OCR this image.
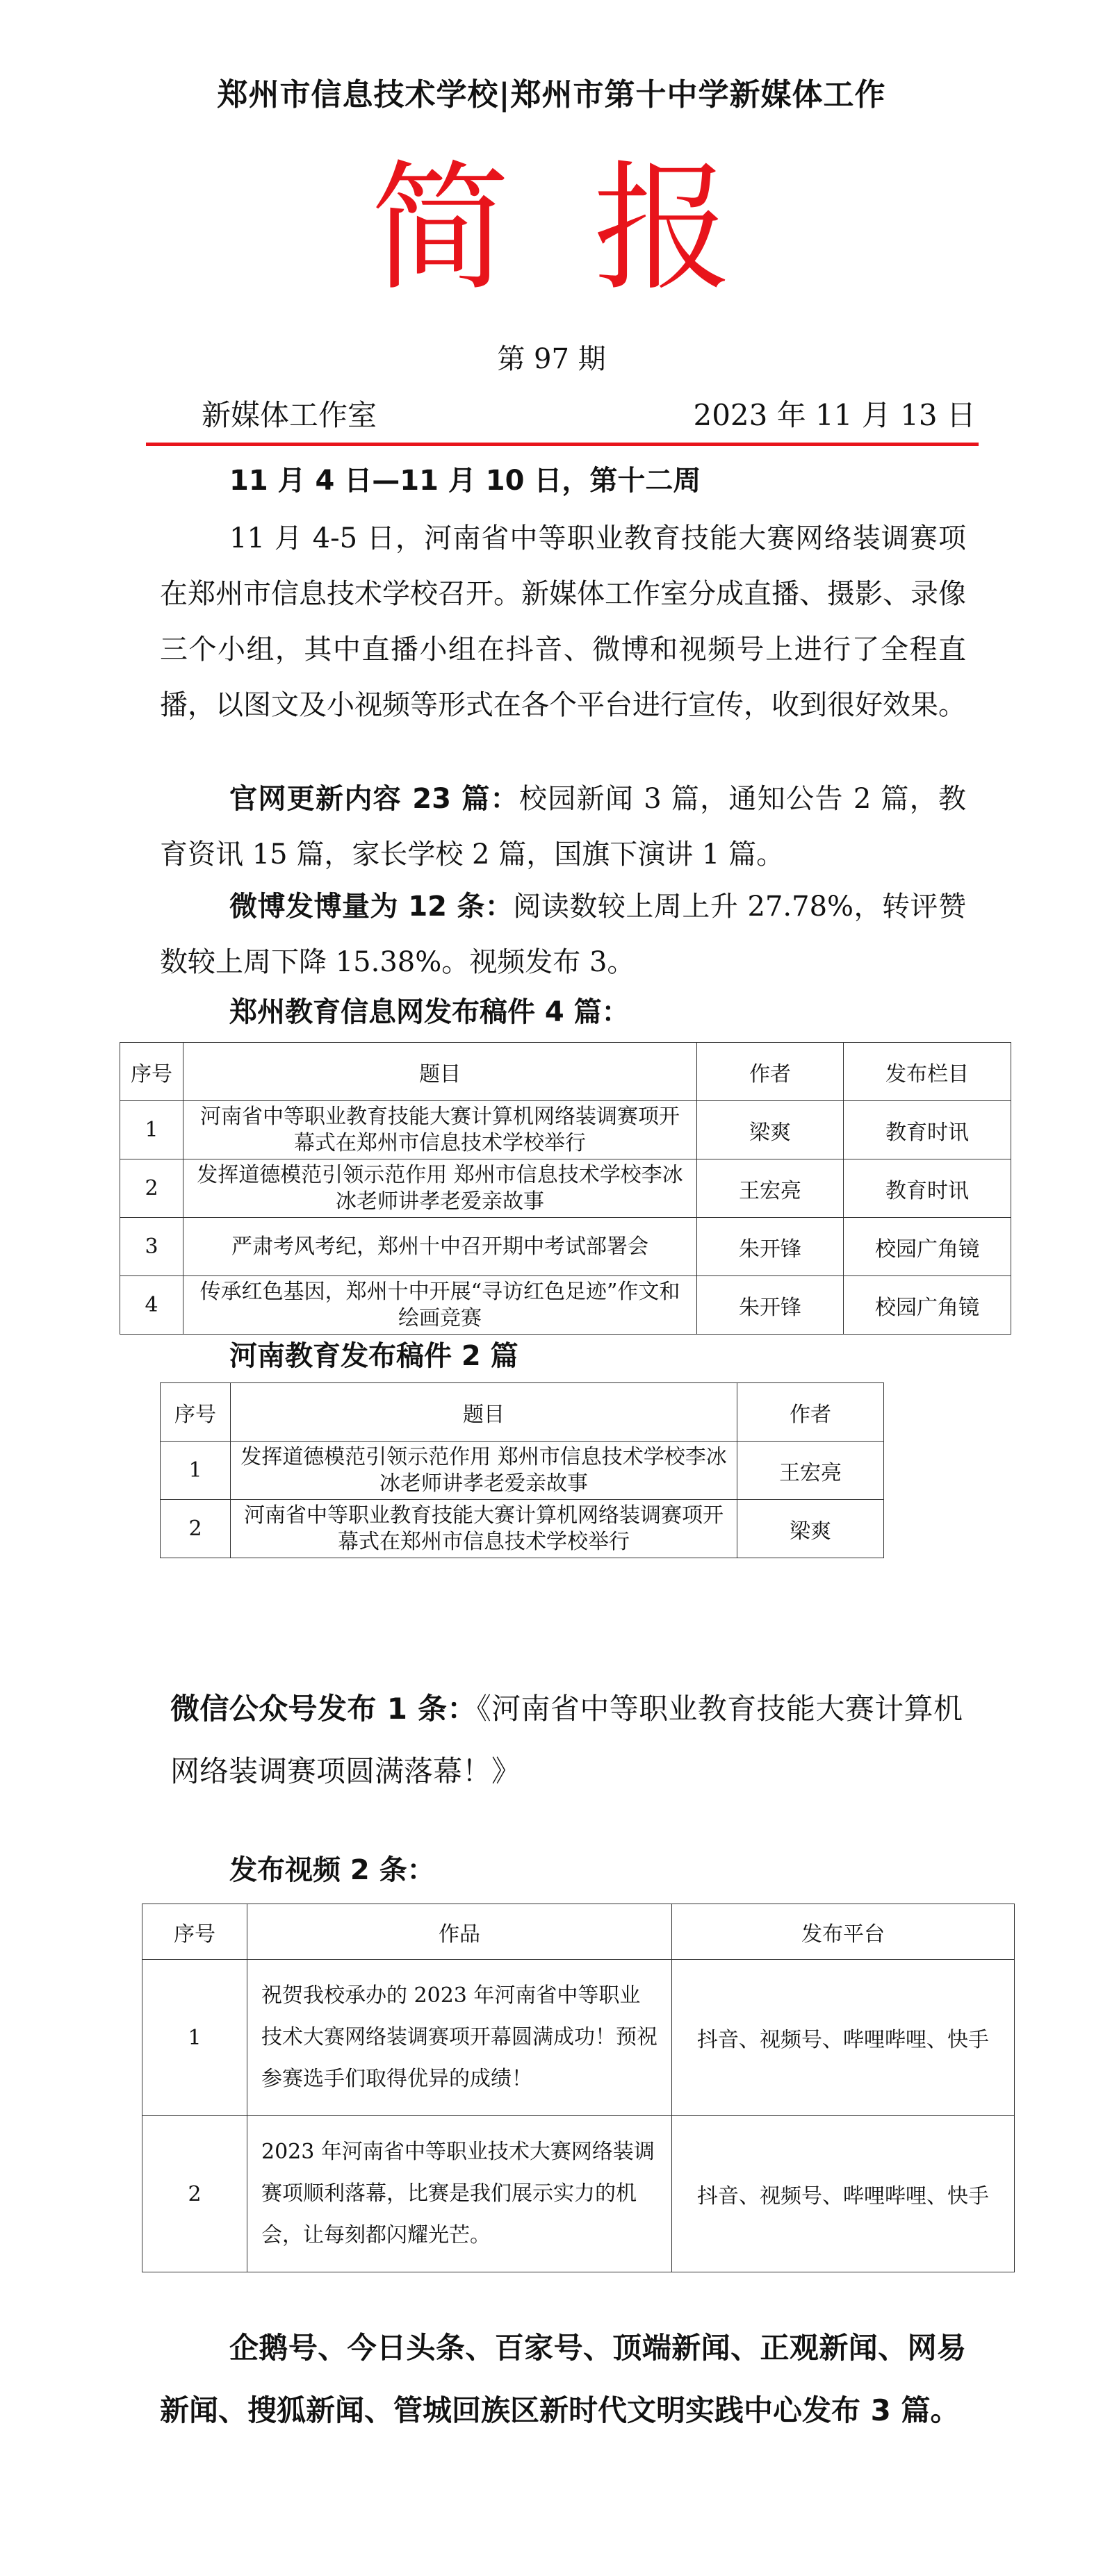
郑州市信息技术学校|郑州市第十中学新媒体工作
简报
第 97 期
新媒体工作室	2023 年 11 月 13 日
11 月 4 日—11 月 10 日，第十二周
11 月 4-5 日，河南省中等职业教育技能大赛网络装调赛项在郑州市信息技术学校召开。新媒体工作室分成直播、摄影、录像三个小组，其中直播小组在抖音、微博和视频号上进行了全程直播，以图文及小视频等形式在各个平台进行宣传，收到很好效果。
官网更新内容 23 篇：校园新闻 3 篇，通知公告 2 篇，教育资讯 15 篇，家长学校 2 篇，国旗下演讲 1 篇。
微博发博量为 12 条：阅读数较上周上升 27.78%，转评赞数较上周下降 15.38%。视频发布 3。
郑州教育信息网发布稿件 4 篇：
序号	题目	作者	发布栏目
1	河南省中等职业教育技能大赛计算机网络装调赛项开幕式在郑州市信息技术学校举行	梁爽	教育时讯
2	发挥道德模范引领示范作用 郑州市信息技术学校李冰冰老师讲孝老爱亲故事	王宏亮	教育时讯
3	严肃考风考纪，郑州十中召开期中考试部署会	朱开锋	校园广角镜
4	传承红色基因，郑州十中开展“寻访红色足迹”作文和绘画竞赛	朱开锋	校园广角镜
河南教育发布稿件 2 篇
序号	题目	作者
1	发挥道德模范引领示范作用 郑州市信息技术学校李冰冰老师讲孝老爱亲故事	王宏亮
2	河南省中等职业教育技能大赛计算机网络装调赛项开幕式在郑州市信息技术学校举行	梁爽
微信公众号发布 1 条：《河南省中等职业教育技能大赛计算机网络装调赛项圆满落幕！》
发布视频 2 条：
序号	作品	发布平台
1	祝贺我校承办的 2023 年河南省中等职业技术大赛网络装调赛项开幕圆满成功！预祝参赛选手们取得优异的成绩！	抖音、视频号、哔哩哔哩、快手
2	2023 年河南省中等职业技术大赛网络装调赛项顺利落幕，比赛是我们展示实力的机会，让每刻都闪耀光芒。	抖音、视频号、哔哩哔哩、快手
企鹅号、今日头条、百家号、顶端新闻、正观新闻、网易新闻、搜狐新闻、管城回族区新时代文明实践中心发布 3 篇。
